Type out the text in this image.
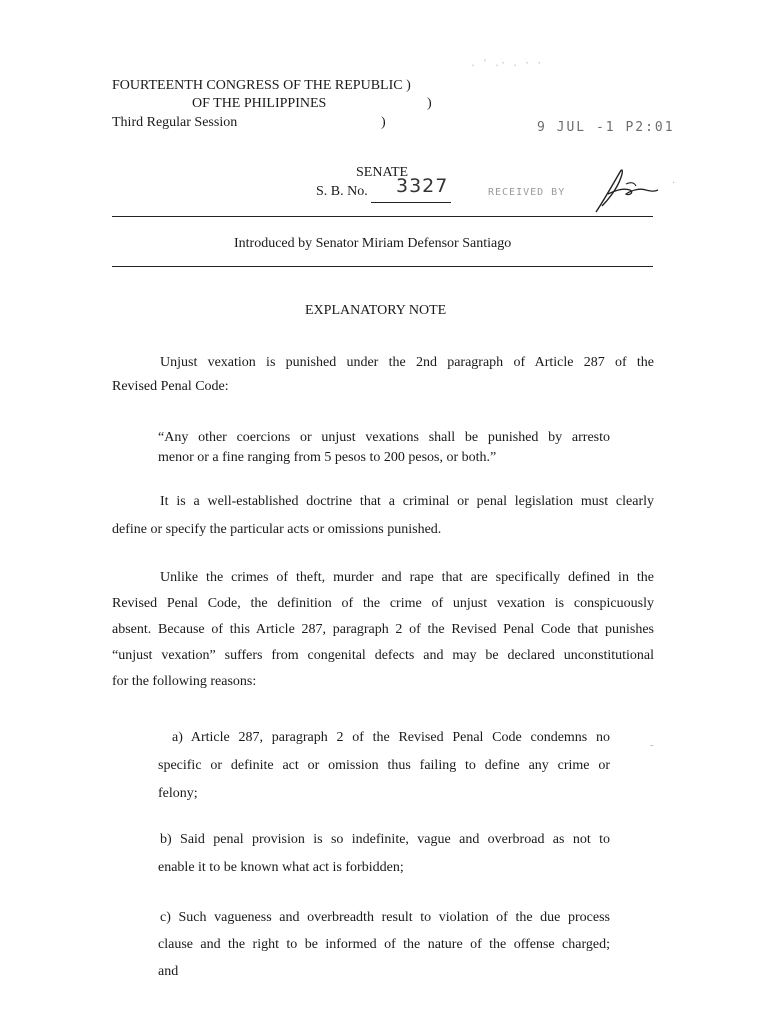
FOURTEENTH CONGRESS OF THE REPUBLIC )
OF THE PHILIPPINES	)
Third Regular Session	)
. ' .· . · ·
9 JUL -1 P2:01
SENATE
S. B. No. 3327	RECEIVED BY
Introduced by Senator Miriam Defensor Santiago
EXPLANATORY NOTE
Unjust vexation is punished under the 2nd paragraph of Article 287 of the
Revised Penal Code:
“Any other coercions or unjust vexations shall be punished by arresto
menor or a fine ranging from 5 pesos to 200 pesos, or both.”
It is a well-established doctrine that a criminal or penal legislation must clearly
define or specify the particular acts or omissions punished.
Unlike the crimes of theft, murder and rape that are specifically defined in the
Revised Penal Code, the definition of the crime of unjust vexation is conspicuously
absent. Because of this Article 287, paragraph 2 of the Revised Penal Code that punishes
“unjust vexation” suffers from congenital defects and may be declared unconstitutional
for the following reasons:
a) Article 287, paragraph 2 of the Revised Penal Code condemns no
specific or definite act or omission thus failing to define any crime or
felony;
b) Said penal provision is so indefinite, vague and overbroad as not to
enable it to be known what act is forbidden;
c) Such vagueness and overbreadth result to violation of the due process
clause and the right to be informed of the nature of the offense charged;
and
-
·
